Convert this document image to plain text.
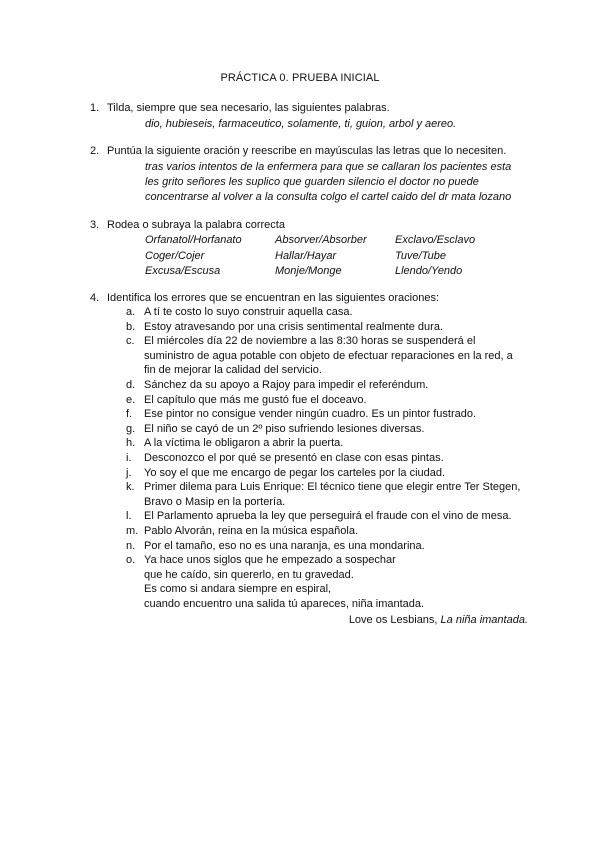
PRÁCTICA 0. PRUEBA INICIAL
1. Tilda, siempre que sea necesario, las siguientes palabras.
dio, hubieseis, farmaceutico, solamente, ti, guion, arbol y aereo.
2. Puntúa la siguiente oración y reescribe en mayúsculas las letras que lo necesiten.
tras varios intentos de la enfermera para que se callaran los pacientes esta
les grito señores les suplico que guarden silencio el doctor no puede
concentrarse al volver a la consulta colgo el cartel caido del dr mata lozano
3. Rodea o subraya la palabra correcta
Orfanatol/Horfanato	Absorver/Absorber	Exclavo/Esclavo
Coger/Cojer	Hallar/Hayar	Tuve/Tube
Excusa/Escusa	Monje/Monge	Llendo/Yendo
4. Identifica los errores que se encuentran en las siguientes oraciones:
a. A tí te costo lo suyo construir aquella casa.
b. Estoy atravesando por una crisis sentimental realmente dura.
c. El miércoles día 22 de noviembre a las 8:30 horas se suspenderá el
suministro de agua potable con objeto de efectuar reparaciones en la red, a
fin de mejorar la calidad del servicio.
d. Sánchez da su apoyo a Rajoy para impedir el referéndum.
e. El capítulo que más me gustó fue el doceavo.
f. Ese pintor no consigue vender ningún cuadro. Es un pintor fustrado.
g. El niño se cayó de un 2º piso sufriendo lesiones diversas.
h. A la víctima le obligaron a abrir la puerta.
i. Desconozco el por qué se presentó en clase con esas pintas.
j. Yo soy el que me encargo de pegar los carteles por la ciudad.
k. Primer dilema para Luis Enrique: El técnico tiene que elegir entre Ter Stegen,
Bravo o Masip en la portería.
l. El Parlamento aprueba la ley que perseguirá el fraude con el vino de mesa.
m. Pablo Alvorán, reina en la música española.
n. Por el tamaño, eso no es una naranja, es una mondarina.
o. Ya hace unos siglos que he empezado a sospechar
que he caído, sin quererlo, en tu gravedad.
Es como si andara siempre en espiral,
cuando encuentro una salida tú apareces, niña imantada.
Love os Lesbians, La niña imantada.
